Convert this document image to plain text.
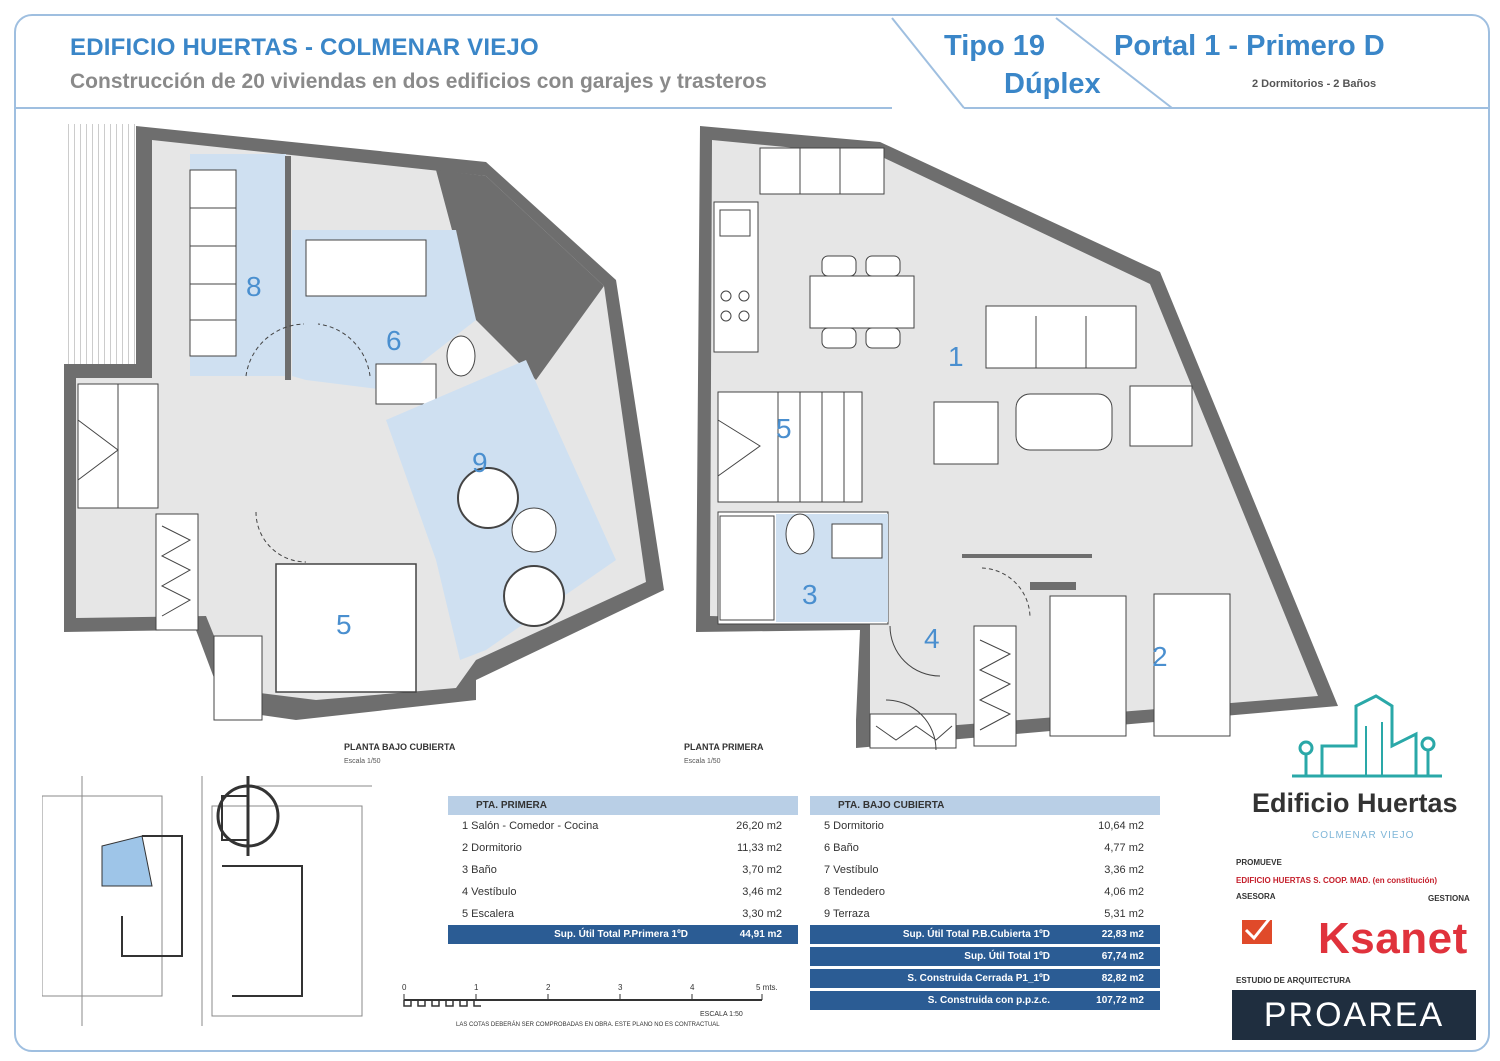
EDIFICIO HUERTAS - COLMENAR VIEJO
Construcción de 20 viviendas en dos edificios con garajes y trasteros
Tipo 19
Dúplex
Portal 1 - Primero D
2 Dormitorios - 2 Baños
8
6
9
5
PLANTA BAJO CUBIERTA
Escala 1/50
1
5
3
4
2
PLANTA PRIMERA
Escala 1/50
PTA. PRIMERA
1 Salón - Comedor - Cocina	26,20 m2
2 Dormitorio	11,33 m2
3 Baño	3,70 m2
4 Vestíbulo	3,46 m2
5 Escalera	3,30 m2
Sup. Útil Total P.Primera 1ºD	44,91 m2
PTA. BAJO CUBIERTA
5 Dormitorio	10,64 m2
6 Baño	4,77 m2
7 Vestíbulo	3,36 m2
8 Tendedero	4,06 m2
9 Terraza	5,31 m2
Sup. Útil Total P.B.Cubierta 1ºD	22,83 m2
Sup. Útil Total 1ºD	67,74 m2
S. Construida Cerrada P1_1ºD	82,82 m2
S. Construida con p.p.z.c.	107,72 m2
0	1	2	3	4	5 mts.
ESCALA 1:50
LAS COTAS DEBERÁN SER COMPROBADAS EN OBRA. ESTE PLANO NO ES CONTRACTUAL
Edificio Huertas
COLMENAR VIEJO
PROMUEVE
EDIFICIO HUERTAS S. COOP. MAD. (en constitución)
ASESORA	GESTIONA
Ksanet
ESTUDIO DE ARQUITECTURA
PROAREA
